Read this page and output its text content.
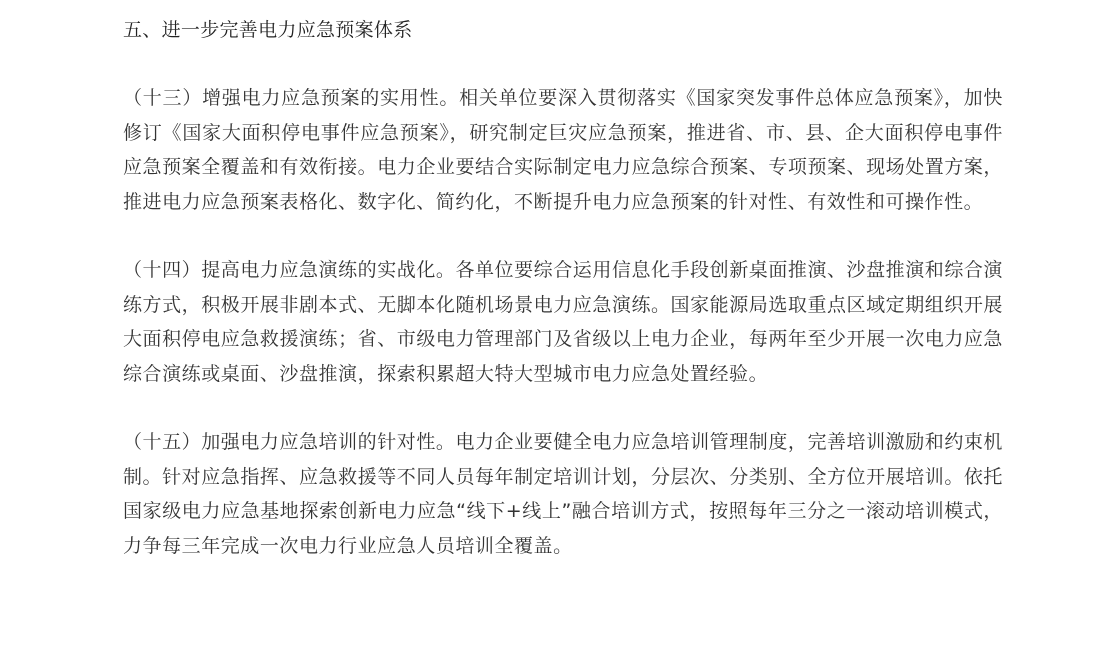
五、进一步完善电力应急预案体系

（十三）增强电力应急预案的实用性。相关单位要深入贯彻落实《国家突发事件总体应急预案》，加快修订《国家大面积停电事件应急预案》，研究制定巨灾应急预案，推进省、市、县、企大面积停电事件应急预案全覆盖和有效衔接。电力企业要结合实际制定电力应急综合预案、专项预案、现场处置方案，推进电力应急预案表格化、数字化、简约化，不断提升电力应急预案的针对性、有效性和可操作性。

（十四）提高电力应急演练的实战化。各单位要综合运用信息化手段创新桌面推演、沙盘推演和综合演练方式，积极开展非剧本式、无脚本化随机场景电力应急演练。国家能源局选取重点区域定期组织开展大面积停电应急救援演练；省、市级电力管理部门及省级以上电力企业，每两年至少开展一次电力应急综合演练或桌面、沙盘推演，探索积累超大特大型城市电力应急处置经验。

（十五）加强电力应急培训的针对性。电力企业要健全电力应急培训管理制度，完善培训激励和约束机制。针对应急指挥、应急救援等不同人员每年制定培训计划，分层次、分类别、全方位开展培训。依托国家级电力应急基地探索创新电力应急“线下+线上”融合培训方式，按照每年三分之一滚动培训模式，力争每三年完成一次电力行业应急人员培训全覆盖。
